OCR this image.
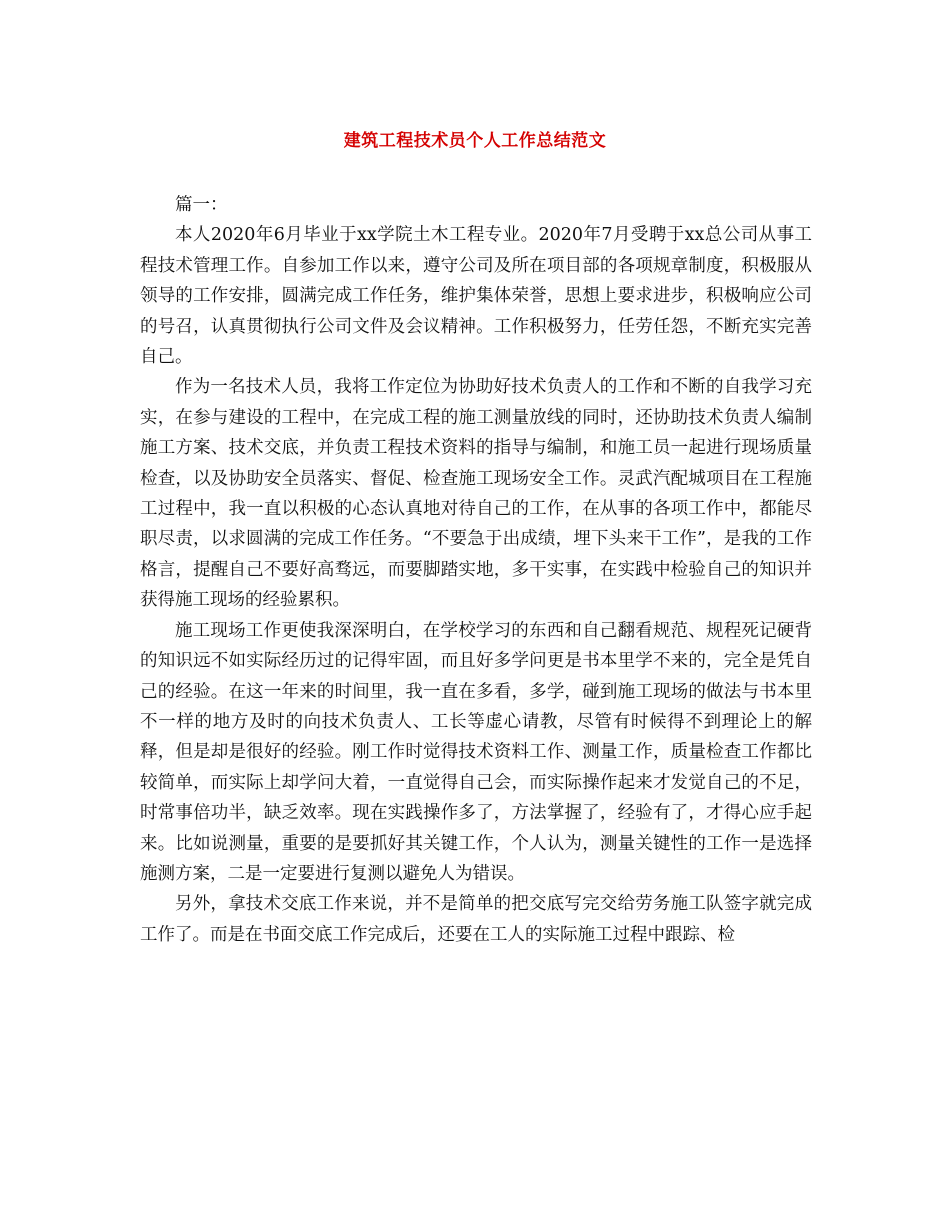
建筑工程技术员个人工作总结范文

篇一：

本人2020年6月毕业于xx学院土木工程专业。2020年7月受聘于xx总公司从事工程技术管理工作。自参加工作以来，遵守公司及所在项目部的各项规章制度，积极服从领导的工作安排，圆满完成工作任务，维护集体荣誉，思想上要求进步，积极响应公司的号召，认真贯彻执行公司文件及会议精神。工作积极努力，任劳任怨，不断充实完善自己。

作为一名技术人员，我将工作定位为协助好技术负责人的工作和不断的自我学习充实，在参与建设的工程中，在完成工程的施工测量放线的同时，还协助技术负责人编制施工方案、技术交底，并负责工程技术资料的指导与编制，和施工员一起进行现场质量检查，以及协助安全员落实、督促、检查施工现场安全工作。灵武汽配城项目在工程施工过程中，我一直以积极的心态认真地对待自己的工作，在从事的各项工作中，都能尽职尽责，以求圆满的完成工作任务。“不要急于出成绩，埋下头来干工作”，是我的工作格言，提醒自己不要好高骛远，而要脚踏实地，多干实事，在实践中检验自己的知识并获得施工现场的经验累积。

施工现场工作更使我深深明白，在学校学习的东西和自己翻看规范、规程死记硬背的知识远不如实际经历过的记得牢固，而且好多学问更是书本里学不来的，完全是凭自己的经验。在这一年来的时间里，我一直在多看，多学，碰到施工现场的做法与书本里不一样的地方及时的向技术负责人、工长等虚心请教，尽管有时候得不到理论上的解释，但是却是很好的经验。刚工作时觉得技术资料工作、测量工作，质量检查工作都比较简单，而实际上却学问大着，一直觉得自己会，而实际操作起来才发觉自己的不足，时常事倍功半，缺乏效率。现在实践操作多了，方法掌握了，经验有了，才得心应手起来。比如说测量，重要的是要抓好其关键工作，个人认为，测量关键性的工作一是选择施测方案，二是一定要进行复测以避免人为错误。

另外，拿技术交底工作来说，并不是简单的把交底写完交给劳务施工队签字就完成工作了。而是在书面交底工作完成后，还要在工人的实际施工过程中跟踪、检
